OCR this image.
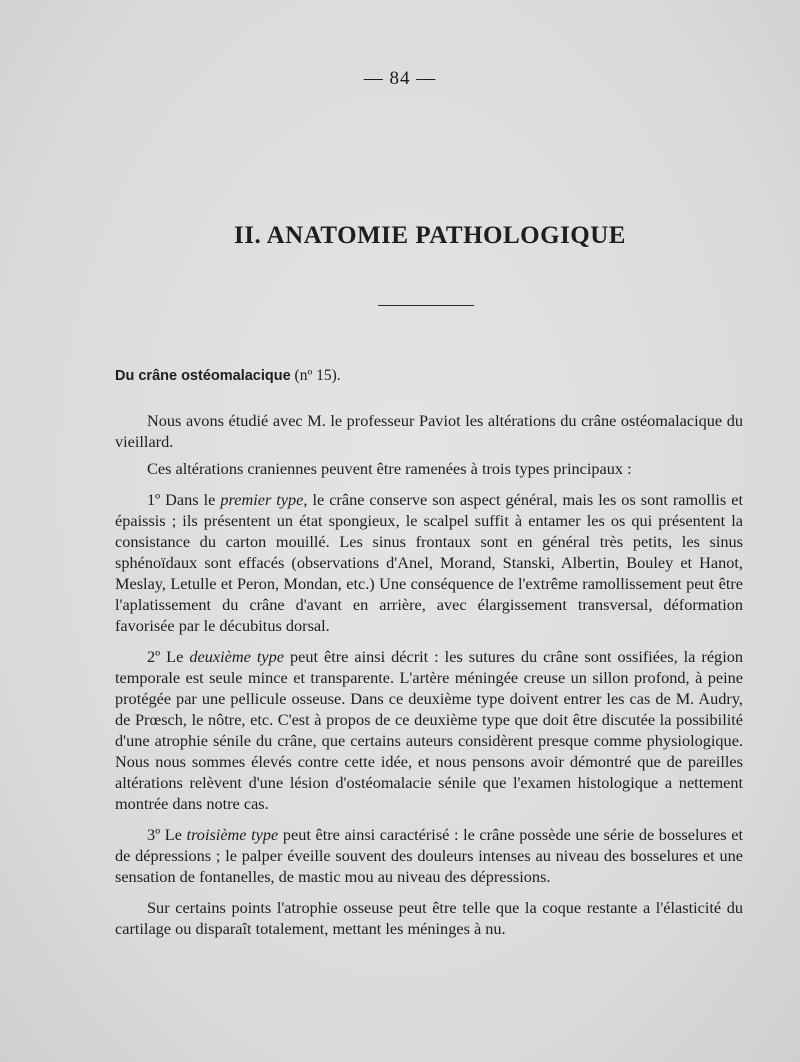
— 84 —
II. ANATOMIE PATHOLOGIQUE
Du crâne ostéomalacique (nº 15).

Nous avons étudié avec M. le professeur Paviot les altérations du crâne ostéomalacique du vieillard.

Ces altérations craniennes peuvent être ramenées à trois types principaux :

1º Dans le premier type, le crâne conserve son aspect général, mais les os sont ramollis et épaissis ; ils présentent un état spongieux, le scalpel suffit à entamer les os qui présentent la consistance du carton mouillé. Les sinus frontaux sont en général très petits, les sinus sphénoïdaux sont effacés (observations d'Anel, Morand, Stanski, Albertin, Bouley et Hanot, Meslay, Letulle et Peron, Mondan, etc.) Une conséquence de l'extrême ramollissement peut être l'aplatissement du crâne d'avant en arrière, avec élargissement transversal, déformation favorisée par le décubitus dorsal.

2º Le deuxième type peut être ainsi décrit : les sutures du crâne sont ossifiées, la région temporale est seule mince et transparente. L'artère méningée creuse un sillon profond, à peine protégée par une pellicule osseuse. Dans ce deuxième type doivent entrer les cas de M. Audry, de Prœsch, le nôtre, etc. C'est à propos de ce deuxième type que doit être discutée la possibilité d'une atrophie sénile du crâne, que certains auteurs considèrent presque comme physiologique. Nous nous sommes élevés contre cette idée, et nous pensons avoir démontré que de pareilles altérations relèvent d'une lésion d'ostéomalacie sénile que l'examen histologique a nettement montrée dans notre cas.

3º Le troisième type peut être ainsi caractérisé : le crâne possède une série de bosselures et de dépressions ; le palper éveille souvent des douleurs intenses au niveau des bosselures et une sensation de fontanelles, de mastic mou au niveau des dépressions.

Sur certains points l'atrophie osseuse peut être telle que la coque restante a l'élasticité du cartilage ou disparaît totalement, mettant les méninges à nu.
